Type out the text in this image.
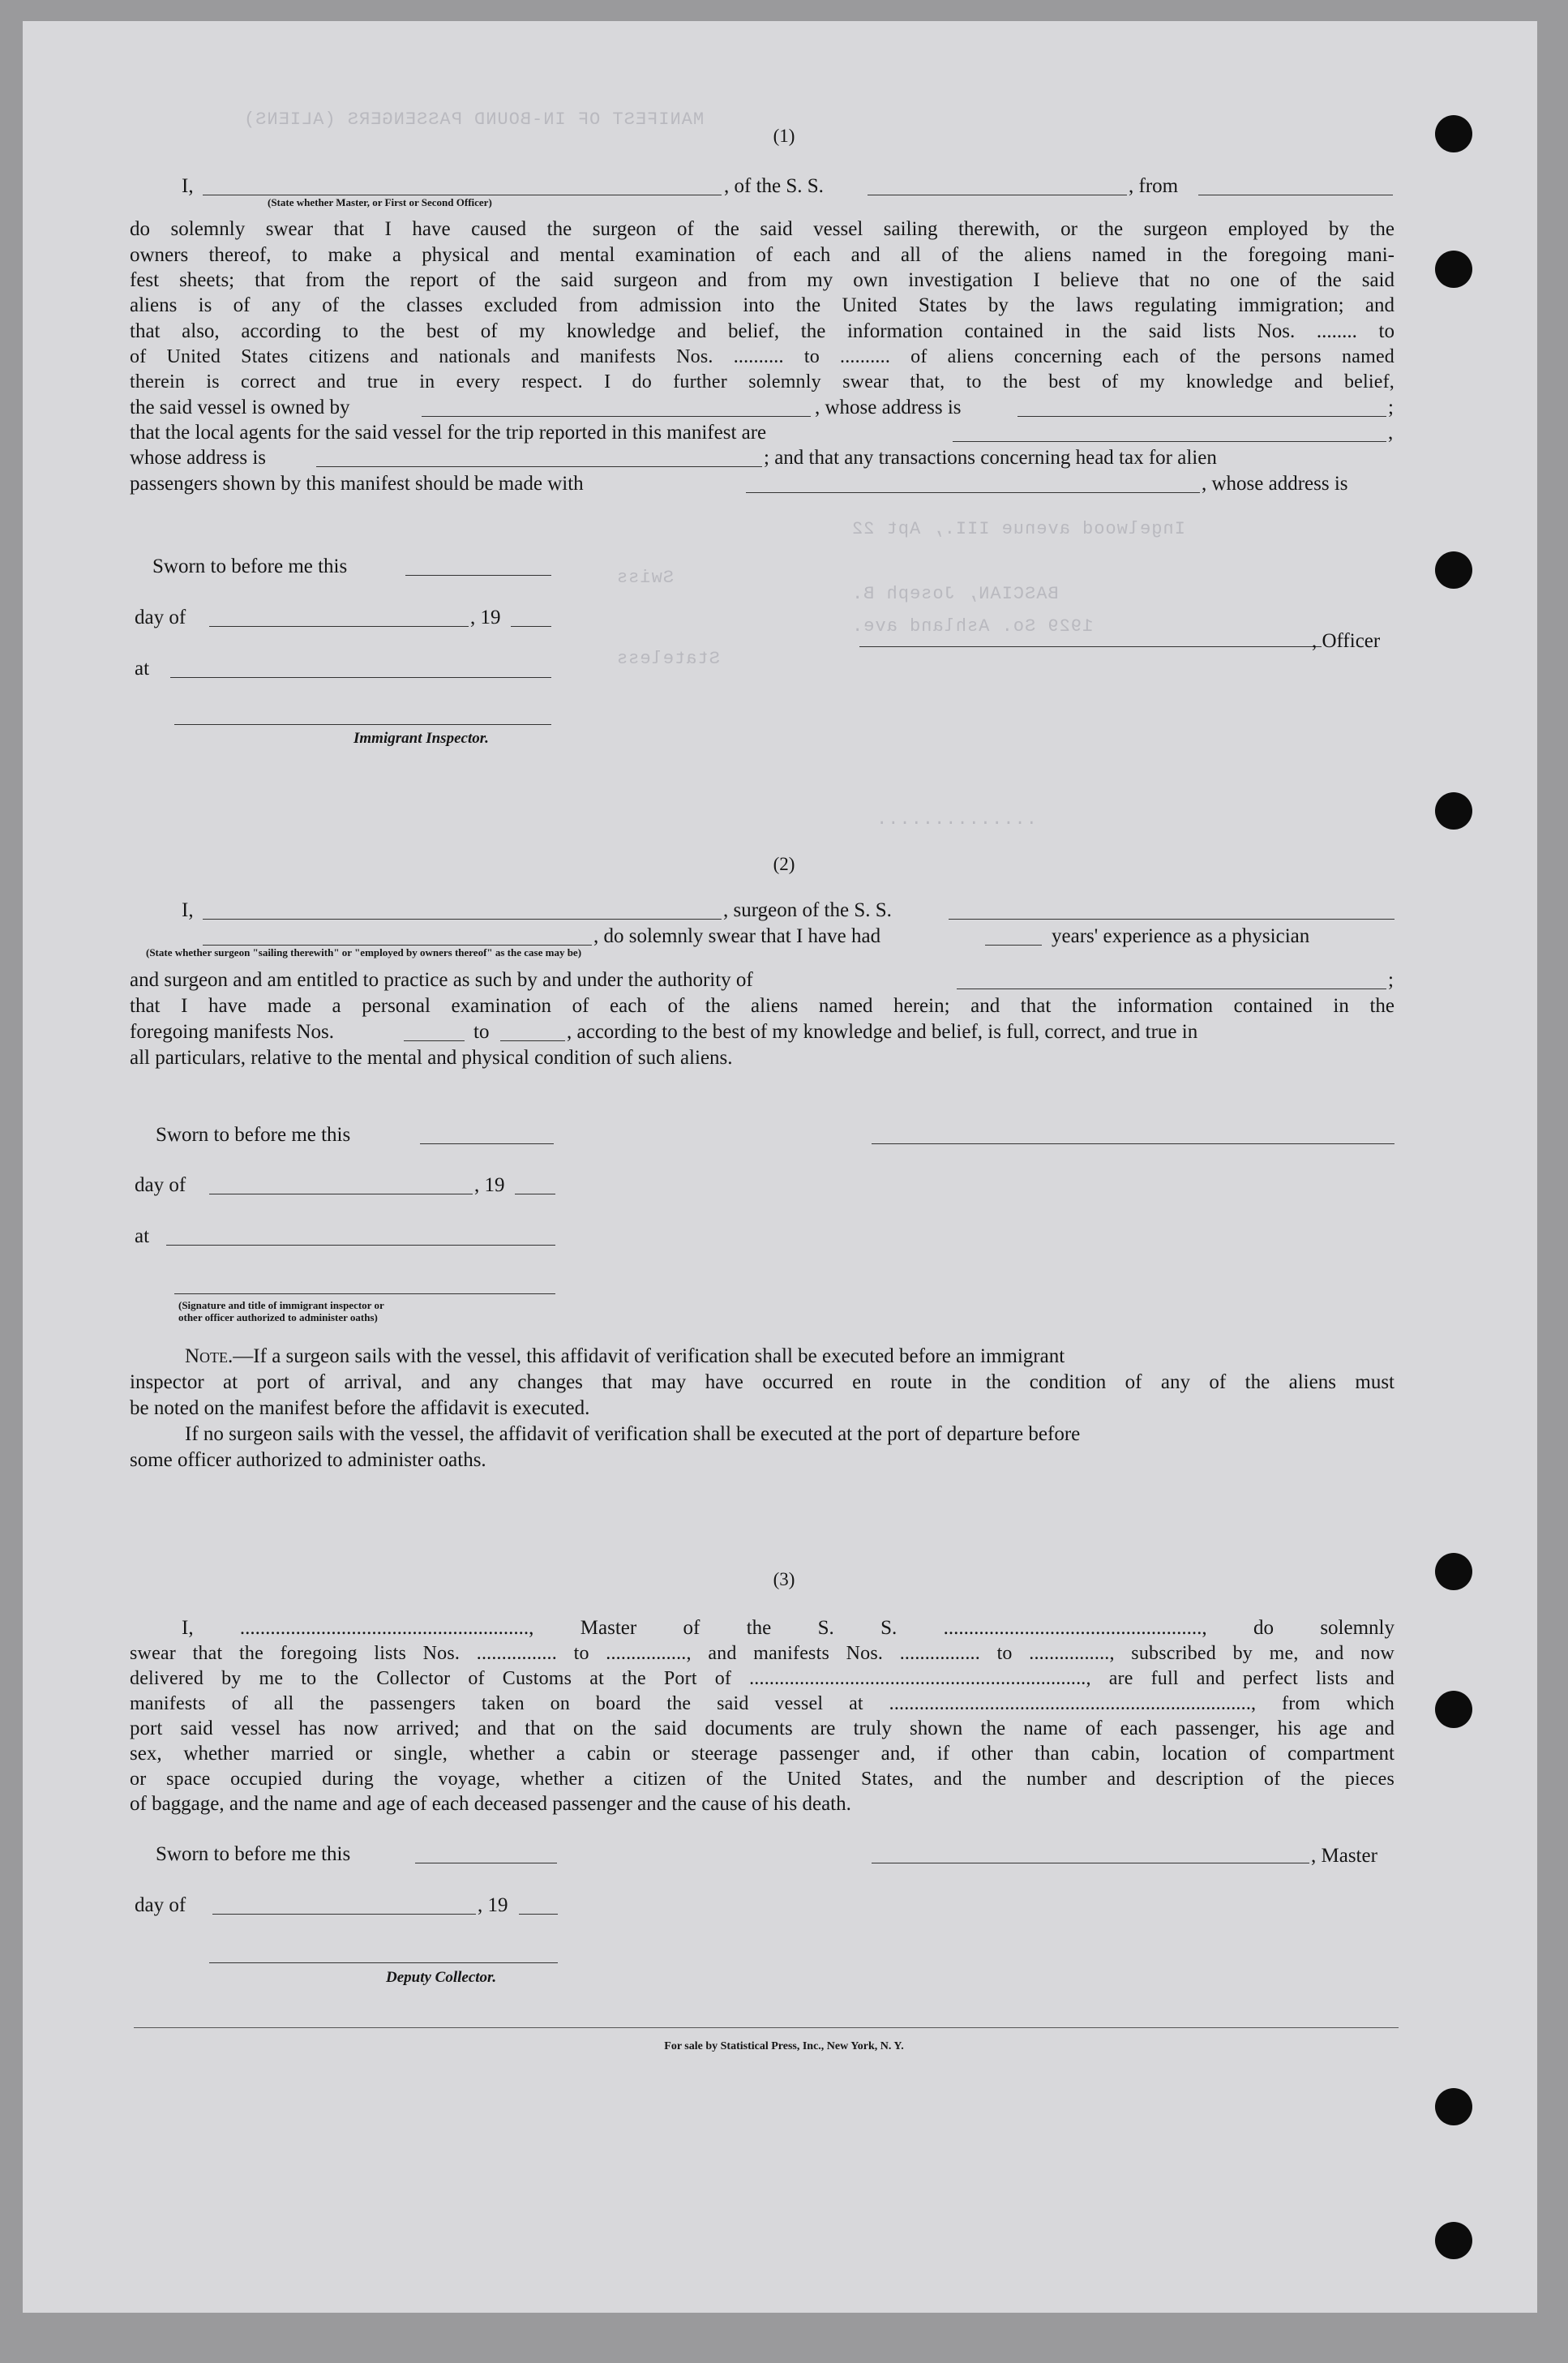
MANIFEST OF IN-BOUND PASSENGERS (ALIENS)
Ingelwood avenue III., Apt 22
BASCIAN, Joseph B.
1929 So. Ashland ave.
Swiss
Stateless
..............
(1)
I,	, of the S. S.	, from
(State whether Master, or First or Second Officer)
do solemnly swear that I have caused the surgeon of the said vessel sailing therewith, or the surgeon employed by the
owners thereof, to make a physical and mental examination of each and all of the aliens named in the foregoing mani-
fest sheets; that from the report of the said surgeon and from my own investigation I believe that no one of the said
aliens is of any of the classes excluded from admission into the United States by the laws regulating immigration; and
that also, according to the best of my knowledge and belief, the information contained in the said lists Nos. ........ to
of United States citizens and nationals and manifests Nos. .......... to .......... of aliens concerning each of the persons named
therein is correct and true in every respect. I do further solemnly swear that, to the best of my knowledge and belief,
the said vessel is owned by	, whose address is	;
that the local agents for the said vessel for the trip reported in this manifest are	,
whose address is	; and that any transactions concerning head tax for alien
passengers shown by this manifest should be made with	, whose address is
Sworn to before me this
day of	, 19
at
Immigrant Inspector.
, Officer
(2)
I,	, surgeon of the S. S.
, do solemnly swear that I have had	years' experience as a physician
(State whether surgeon "sailing therewith" or "employed by owners thereof" as the case may be)
and surgeon and am entitled to practice as such by and under the authority of	;
that I have made a personal examination of each of the aliens named herein; and that the information contained in the
foregoing manifests Nos.	to	, according to the best of my knowledge and belief, is full, correct, and true in
all particulars, relative to the mental and physical condition of such aliens.
Sworn to before me this
day of	, 19
at
(Signature and title of immigrant inspector or
other officer authorized to administer oaths)
Note.—If a surgeon sails with the vessel, this affidavit of verification shall be executed before an immigrant
inspector at port of arrival, and any changes that may have occurred en route in the condition of any of the aliens must
be noted on the manifest before the affidavit is executed.
If no surgeon sails with the vessel, the affidavit of verification shall be executed at the port of departure before
some officer authorized to administer oaths.
(3)
I, ........................................................., Master of the S. S. ..................................................., do solemnly
swear that the foregoing lists Nos. ................ to ................, and manifests Nos. ................ to ................, subscribed by me, and now
delivered by me to the Collector of Customs at the Port of ..................................................................., are full and perfect lists and
manifests of all the passengers taken on board the said vessel at ........................................................................, from which
port said vessel has now arrived; and that on the said documents are truly shown the name of each passenger, his age and
sex, whether married or single, whether a cabin or steerage passenger and, if other than cabin, location of compartment
or space occupied during the voyage, whether a citizen of the United States, and the number and description of the pieces
of baggage, and the name and age of each deceased passenger and the cause of his death.
Sworn to before me this	, Master
day of	, 19
Deputy Collector.
For sale by Statistical Press, Inc., New York, N. Y.
